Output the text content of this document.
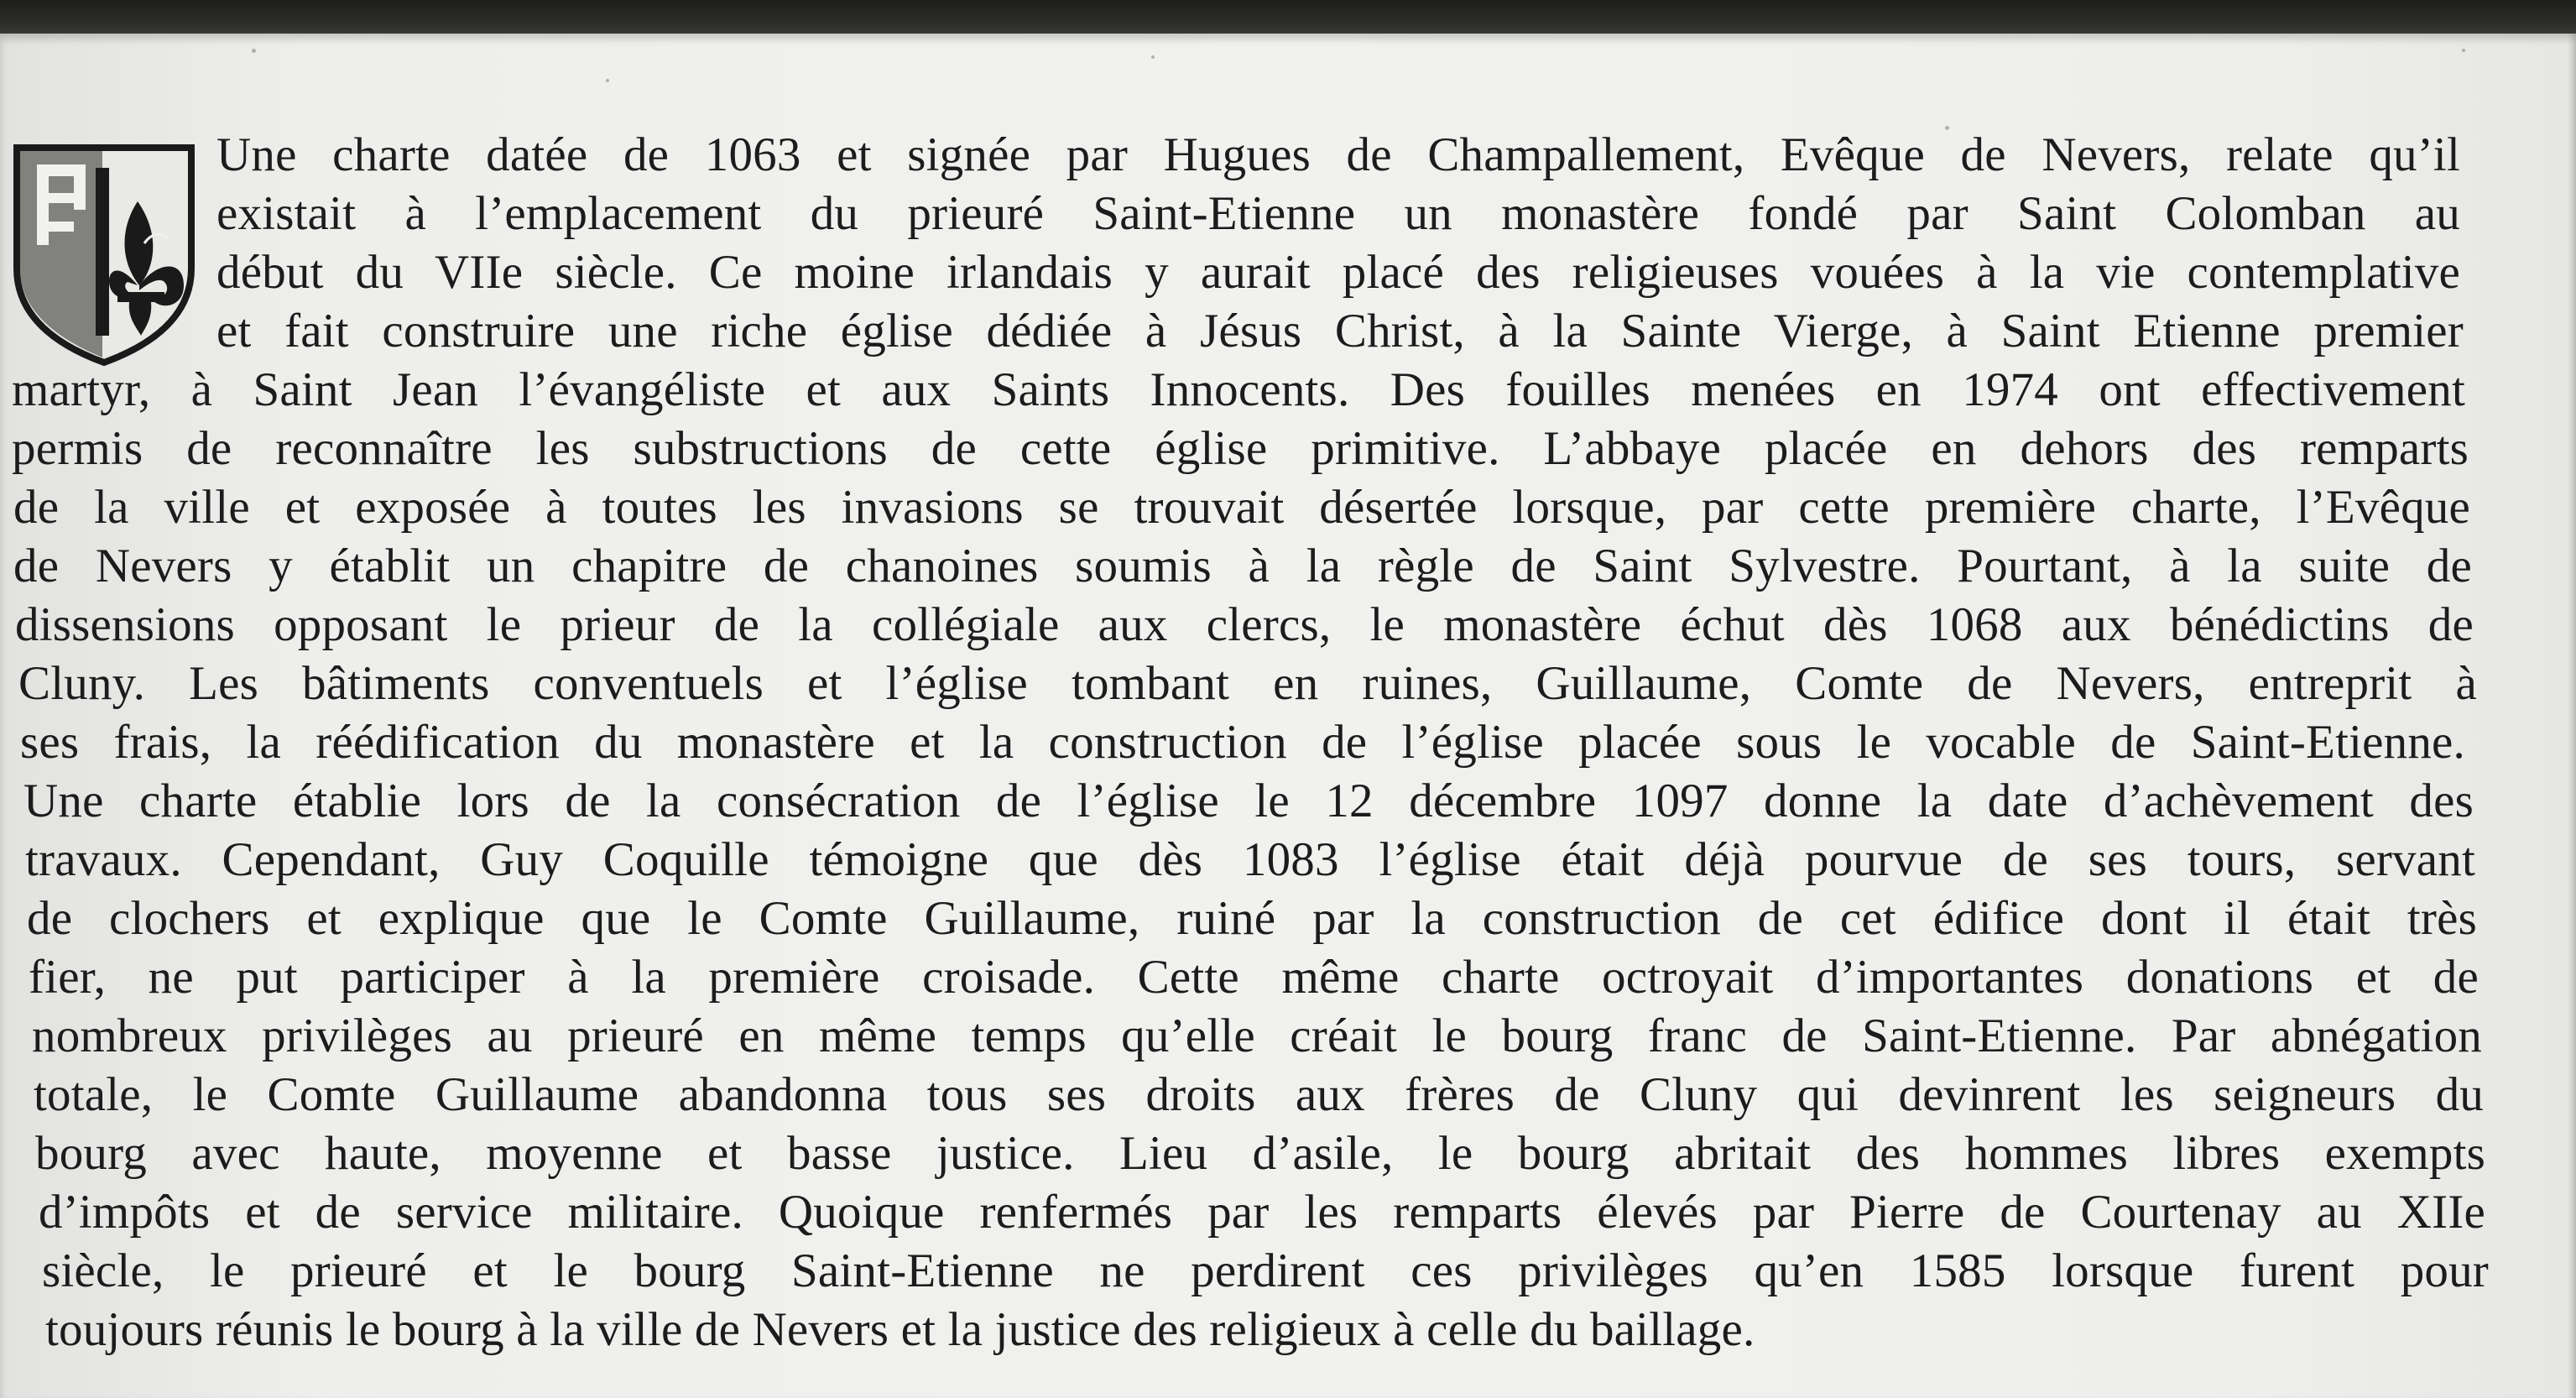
Une charte datée de 1063 et signée par Hugues de Champallement, Evêque de Nevers, relate qu’il
existait à l’emplacement du prieuré Saint-Etienne un monastère fondé par Saint Colomban au
début du VIIe siècle. Ce moine irlandais y aurait placé des religieuses vouées à la vie contemplative
et fait construire une riche église dédiée à Jésus Christ, à la Sainte Vierge, à Saint Etienne premier
martyr, à Saint Jean l’évangéliste et aux Saints Innocents. Des fouilles menées en 1974 ont effectivement
permis de reconnaître les substructions de cette église primitive. L’abbaye placée en dehors des remparts
de la ville et exposée à toutes les invasions se trouvait désertée lorsque, par cette première charte, l’Evêque
de Nevers y établit un chapitre de chanoines soumis à la règle de Saint Sylvestre. Pourtant, à la suite de
dissensions opposant le prieur de la collégiale aux clercs, le monastère échut dès 1068 aux bénédictins de
Cluny. Les bâtiments conventuels et l’église tombant en ruines, Guillaume, Comte de Nevers, entreprit à
ses frais, la réédification du monastère et la construction de l’église placée sous le vocable de Saint-Etienne.
Une charte établie lors de la consécration de l’église le 12 décembre 1097 donne la date d’achèvement des
travaux. Cependant, Guy Coquille témoigne que dès 1083 l’église était déjà pourvue de ses tours, servant
de clochers et explique que le Comte Guillaume, ruiné par la construction de cet édifice dont il était très
fier, ne put participer à la première croisade. Cette même charte octroyait d’importantes donations et de
nombreux privilèges au prieuré en même temps qu’elle créait le bourg franc de Saint-Etienne. Par abnégation
totale, le Comte Guillaume abandonna tous ses droits aux frères de Cluny qui devinrent les seigneurs du
bourg avec haute, moyenne et basse justice. Lieu d’asile, le bourg abritait des hommes libres exempts
d’impôts et de service militaire. Quoique renfermés par les remparts élevés par Pierre de Courtenay au XIIe
siècle, le prieuré et le bourg Saint-Etienne ne perdirent ces privilèges qu’en 1585 lorsque furent pour
toujours réunis le bourg à la ville de Nevers et la justice des religieux à celle du baillage.
